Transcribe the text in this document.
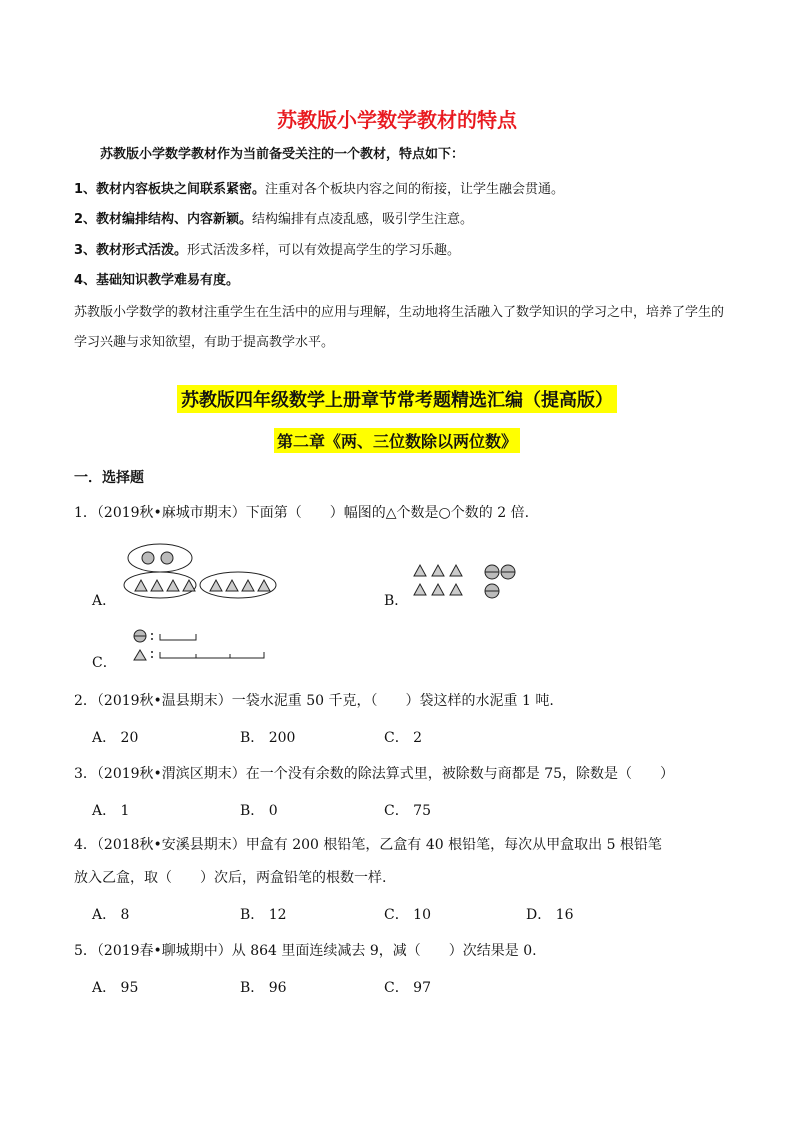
苏教版小学数学教材的特点
苏教版小学数学教材作为当前备受关注的一个教材，特点如下：
1、教材内容板块之间联系紧密。注重对各个板块内容之间的衔接，让学生融会贯通。
2、教材编排结构、内容新颖。结构编排有点凌乱感，吸引学生注意。
3、教材形式活泼。形式活泼多样，可以有效提高学生的学习乐趣。
4、基础知识教学难易有度。
苏教版小学数学的教材注重学生在生活中的应用与理解，生动地将生活融入了数学知识的学习之中，培养了学生的学习兴趣与求知欲望，有助于提高教学水平。
苏教版四年级数学上册章节常考题精选汇编（提高版）
第二章《两、三位数除以两位数》
一．选择题
1．（2019秋•麻城市期末）下面第（　　）幅图的△个数是○个数的 2 倍.
A．	B．
C．
2．（2019秋•温县期末）一袋水泥重 50 千克，（　　）袋这样的水泥重 1 吨.
A． 20	B． 200	C． 2
3．（2019秋•渭滨区期末）在一个没有余数的除法算式里，被除数与商都是 75，除数是（　　）
A． 1	B． 0	C． 75
4．（2018秋•安溪县期末）甲盒有 200 根铅笔，乙盒有 40 根铅笔，每次从甲盒取出 5 根铅笔
放入乙盒，取（　　）次后，两盒铅笔的根数一样.
A． 8	B． 12	C． 10	D． 16
5．（2019春•聊城期中）从 864 里面连续减去 9，减（　　）次结果是 0.
A． 95	B． 96	C． 97
